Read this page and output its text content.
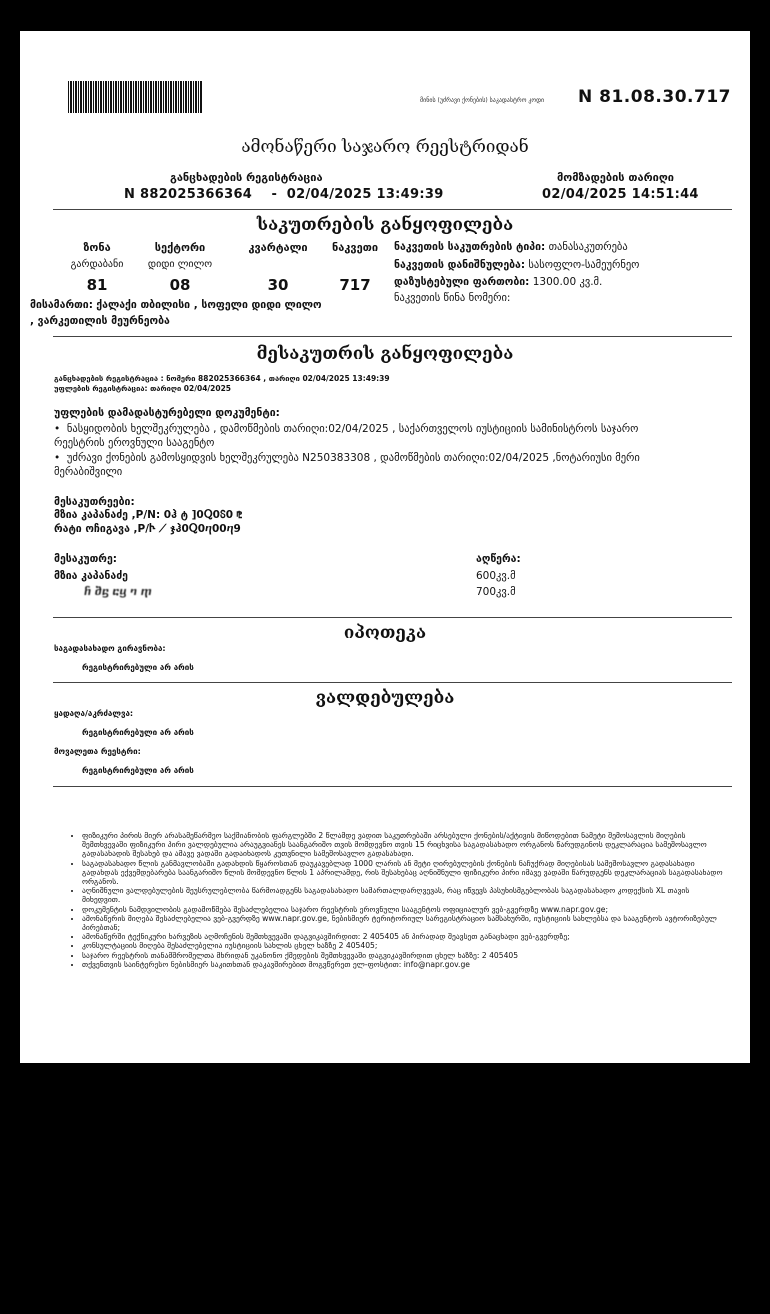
მინის (უძრავი ქონების) საკადასტრო კოდი N 81.08.30.717
ამონაწერი საჯარო რეესტრიდან
განცხადების რეგისტრაცია
N 882025366364    -  02/04/2025 13:49:39
მომზადების თარიღი
02/04/2025 14:51:44
საკუთრების განყოფილება
ზონა	სექტორი	კვარტალი	ნაკვეთი
გარდაბანი	დიდი ლილო
81	08	30	717
მისამართი: ქალაქი თბილისი , სოფელი დიდი ლილო
, ვარკეთილის მეურნეობა
ნაკვეთის საკუთრების ტიპი: თანასაკუთრება
ნაკვეთის დანიშნულება: სასოფლო-სამეურნეო
დაზუსტებული ფართობი: 1300.00 კვ.მ.
ნაკვეთის წინა ნომერი:
მესაკუთრის განყოფილება
განცხადების რეგისტრაცია : ნომერი 882025366364 , თარიღი 02/04/2025 13:49:39
უფლების რეგისტრაცია: თარიღი 02/04/2025
უფლების დამადასტურებელი დოკუმენტი:
• ნასყიდობის ხელშეკრულება , დამოწმების თარიღი:02/04/2025 , საქართველოს იუსტიციის სამინისტროს საჯარო
რეესტრის ეროვნული სააგენტო
• უძრავი ქონების გამოსყიდვის ხელშეკრულება N250383308 , დამოწმების თარიღი:02/04/2025 ,ნოტარიუსი მერი
მერაბიშვილი
მესაკუთრეები:
მზია კაპანაძე ,P/N: 0ჰ ტ ]0Ⴍ0ჽ0 ⅊
რატი ოჩიგავა ,P/Ⴡ ⟋ ჯჰ0Ⴍ0ⴄ00ⴄ9
მესაკუთრე:	აღწერა:
მზია კაპანაძე	600კვ.მ
ⴌ ⴋⴝ ⴀⴁ ⴈ ⴅ	700კვ.მ
იპოთეკა
საგადასახადო გირავნობა:
რეგისტრირებული არ არის
ვალდებულება
ყადაღა/აკრძალვა:
რეგისტრირებული არ არის
მოვალეთა რეესტრი:
რეგისტრირებული არ არის
• ფიზიკური პირის მიერ არასამეწარმეო საქმიანობის ფარგლებში 2 წლამდე ვადით საკუთრებაში არსებული ქონების/აქტივის მიწოდებით ნამეტი შემოსავლის მიღების შემთხვევაში ფიზიკური პირი ვალდებულია არაუგვიანეს საანგარიშო თვის მომდევნო თვის 15 რიცხვისა საგადასახადო ორგანოს წარუდგინოს დეკლარაცია სამეშოსავლო გადასახადის შესახებ და ამავე ვადაში გადაიხადოს კუთვნილი სამეშოსავლო გადასახადი.
• საგადასახადო წლის განმავლობაში გადახდის წყაროსთან დაუკავებლად 1000 ლარის ან მეტი ღირებულების ქონების ნაჩუქრად მიღებისას სამეშოსავლო გადასახადი გადახდას ექვემდებარება საანგარიშო წლის მომდევნო წლის 1 აპრილამდე, რის შესახებაც აღნიშნული ფიზიკური პირი იმავე ვადაში წარუდგენს დეკლარაციას საგადასახადო ორგანოს.
• აღნიშნული ვალდებულების შეუსრულებლობა წარმოადგენს საგადასახადო სამართალდარღვევას, რაც იწვევს პასუხისმგებლობას საგადასახადო კოდექსის XL თავის მიხედვით.
• დოკუმენტის ნამდვილობის გადამოწმება შესაძლებელია საჯარო რეესტრის ეროვნული სააგენტოს ოფიციალურ ვებ-გვერდზე www.napr.gov.ge;
• ამონაწერის მიღება შესაძლებელია ვებ-გვერდზე www.napr.gov.ge, ნებისმიერ ტერიტორიულ სარეგისტრაციო სამსახურში, იუსტიციის სახლებსა და სააგენტოს ავტორიზებულ პირებთან;
• ამონაწერში ტექნიკური ხარვეზის აღმოჩენის შემთხვევაში დაგვიკავშირდით: 2 405405 ან პირადად შეავსეთ განაცხადი ვებ-გვერდზე;
• კონსულტაციის მიღება შესაძლებელია იუსტიციის სახლის ცხელ ხაზზე 2 405405;
• საჯარო რეესტრის თანამშრომელთა მხრიდან უკანონო ქმედების შემთხვევაში დაგვიკავშირდით ცხელ ხაზზე: 2 405405
• თქვენთვის საინტერესო ნებისმიერ საკითხთან დაკავშირებით მოგვწერეთ ელ-ფოსტით: info@napr.gov.ge
